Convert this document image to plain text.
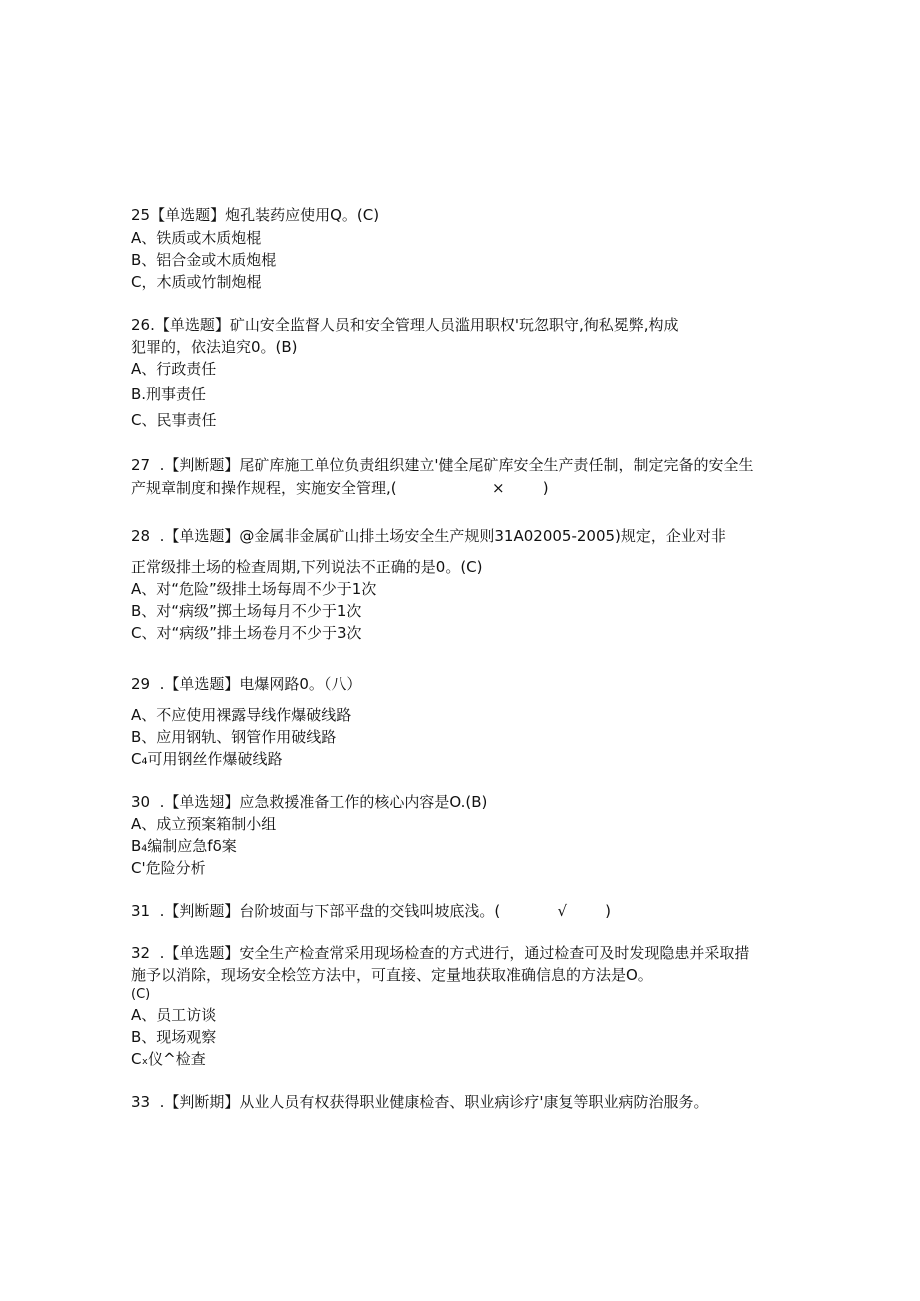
25【单选题】炮孔装药应使用Q。(C)
A、铁质或木质炮棍
B、铝合金或木质炮棍
C，木质或竹制炮棍
26.【单选题】矿山安全监督人员和安全管理人员滥用职权'玩忽职守,徇私冕弊,构成
犯罪的，依法追究0。(B)
A、行政责任
B.刑事责任
C、民事责任
27  .【判断题】尾矿库施工单位负责组织建立'健全尾矿库安全生产责任制，制定完备的安全生
产规章制度和操作规程，实施安全管理,(                    ×        )
28  .【单选题】@金属非金属矿山排土场安全生产规则31A02005-2005)规定，企业对非
正常级排土场的检查周期,下列说法不正确的是0。(C)
A、对“危险”级排土场每周不少于1次
B、对“病级”掷土场每月不少于1次
C、对“病级”排土场卷月不少于3次
29  .【单选题】电爆网路0。（八）
A、不应使用裸露导线作爆破线路
B、应用钢轨、钢管作用破线路
C₄可用钢丝作爆破线路
30  .【单选翅】应急救援准备工作的核心内容是O.(B)
A、成立预案箱制小组
B₄编制应急fδ案
C'危险分析
31  .【判断题】台阶坡面与下部平盘的交钱叫坡底浅。(            √        )
32  .【单选题】安全生产检查常采用现场检查的方式进行，通过检查可及时发现隐患并采取措
施予以消除，现场安全桧笠方法中，可直接、定量地获取准确信息的方法是O。
(C)
A、员工访谈
B、现场观察
Cₓ仪^检查
33  .【判断期】从业人员有权获得职业健康检杳、职业病诊疗'康复等职业病防治服务。
